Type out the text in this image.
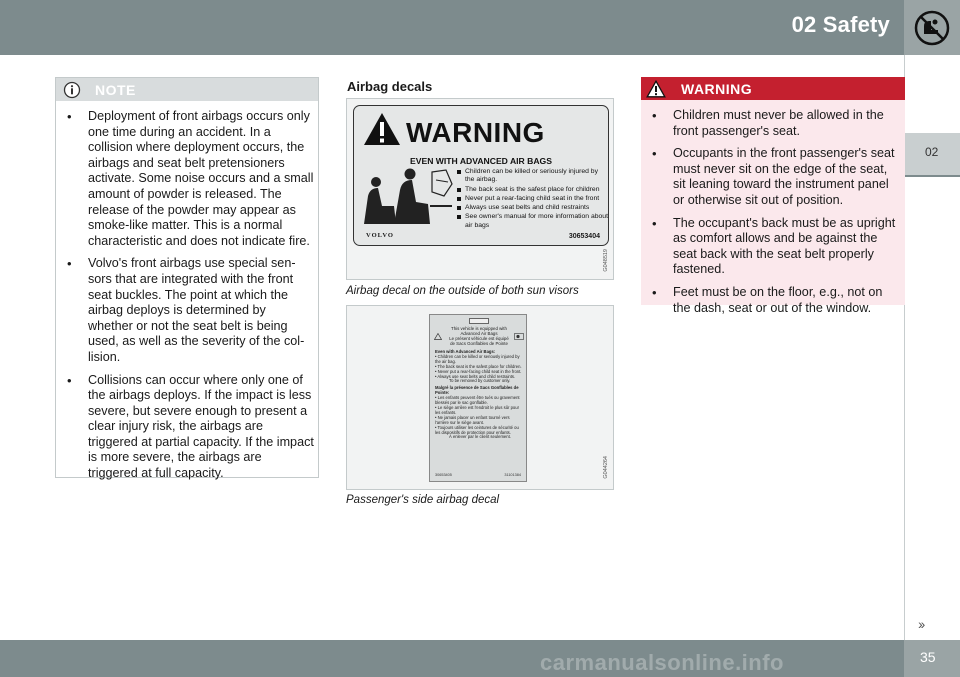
02 Safety
02
NOTE
• Deployment of front airbags occurs only one time during an accident. In a collision where deployment occurs, the airbags and seat belt pretensioners activate. Some noise occurs and a small amount of powder is released. The release of the powder may appear as smoke-like matter. This is a normal characteristic and does not indicate fire.
• Volvo's front airbags use special sen-sors that are integrated with the front seat buckles. The point at which the airbag deploys is determined by whether or not the seat belt is being used, as well as the severity of the col-lision.
• Collisions can occur where only one of the airbags deploys. If the impact is less severe, but severe enough to present a clear injury risk, the airbags are triggered at partial capacity. If the impact is more severe, the airbags are triggered at full capacity.
Airbag decals
WARNING
EVEN WITH ADVANCED AIR BAGS
Children can be killed or seriously injured by the airbag.
The back seat is the safest place for children
Never put a rear-facing child seat in the front
Always use seat belts and child restraints
See owner's manual for more information about air bags
VOLVO	30653404
G048519
Airbag decal on the outside of both sun visors
This vehicle is equipped with
Advanced Air Bags
Le présent véhicule est équipé
de Sacs Gonflables de Pointe
Even with Advanced Air Bags:
• Children can be killed or seriously injured by the air bag.
• The back seat is the safest place for children.
• Never put a rear-facing child seat in the front.
• Always use seat belts and child restraints.
To be removed by customer only.
Malgré la présence de Sacs Gonflables de Pointe:
• Les enfants peuvent être tués ou gravement blessés par le sac gonflable.
• Le siège arrière est l'endroit le plus sûr pour les enfants.
• Ne jamais placer un enfant tourné vers l'arrière sur le siège avant.
• Toujours utiliser les ceintures de sécurité ou les dispositifs de protection pour enfants.
À enlever par le client seulement.
30653405	31101384	G044264
Passenger's side airbag decal
WARNING
• Children must never be allowed in the front passenger's seat.
• Occupants in the front passenger's seat must never sit on the edge of the seat, sit leaning toward the instrument panel or otherwise sit out of position.
• The occupant's back must be as upright as comfort allows and be against the seat back with the seat belt properly fastened.
• Feet must be on the floor, e.g., not on the dash, seat or out of the window.
››
carmanualsonline.info	35
